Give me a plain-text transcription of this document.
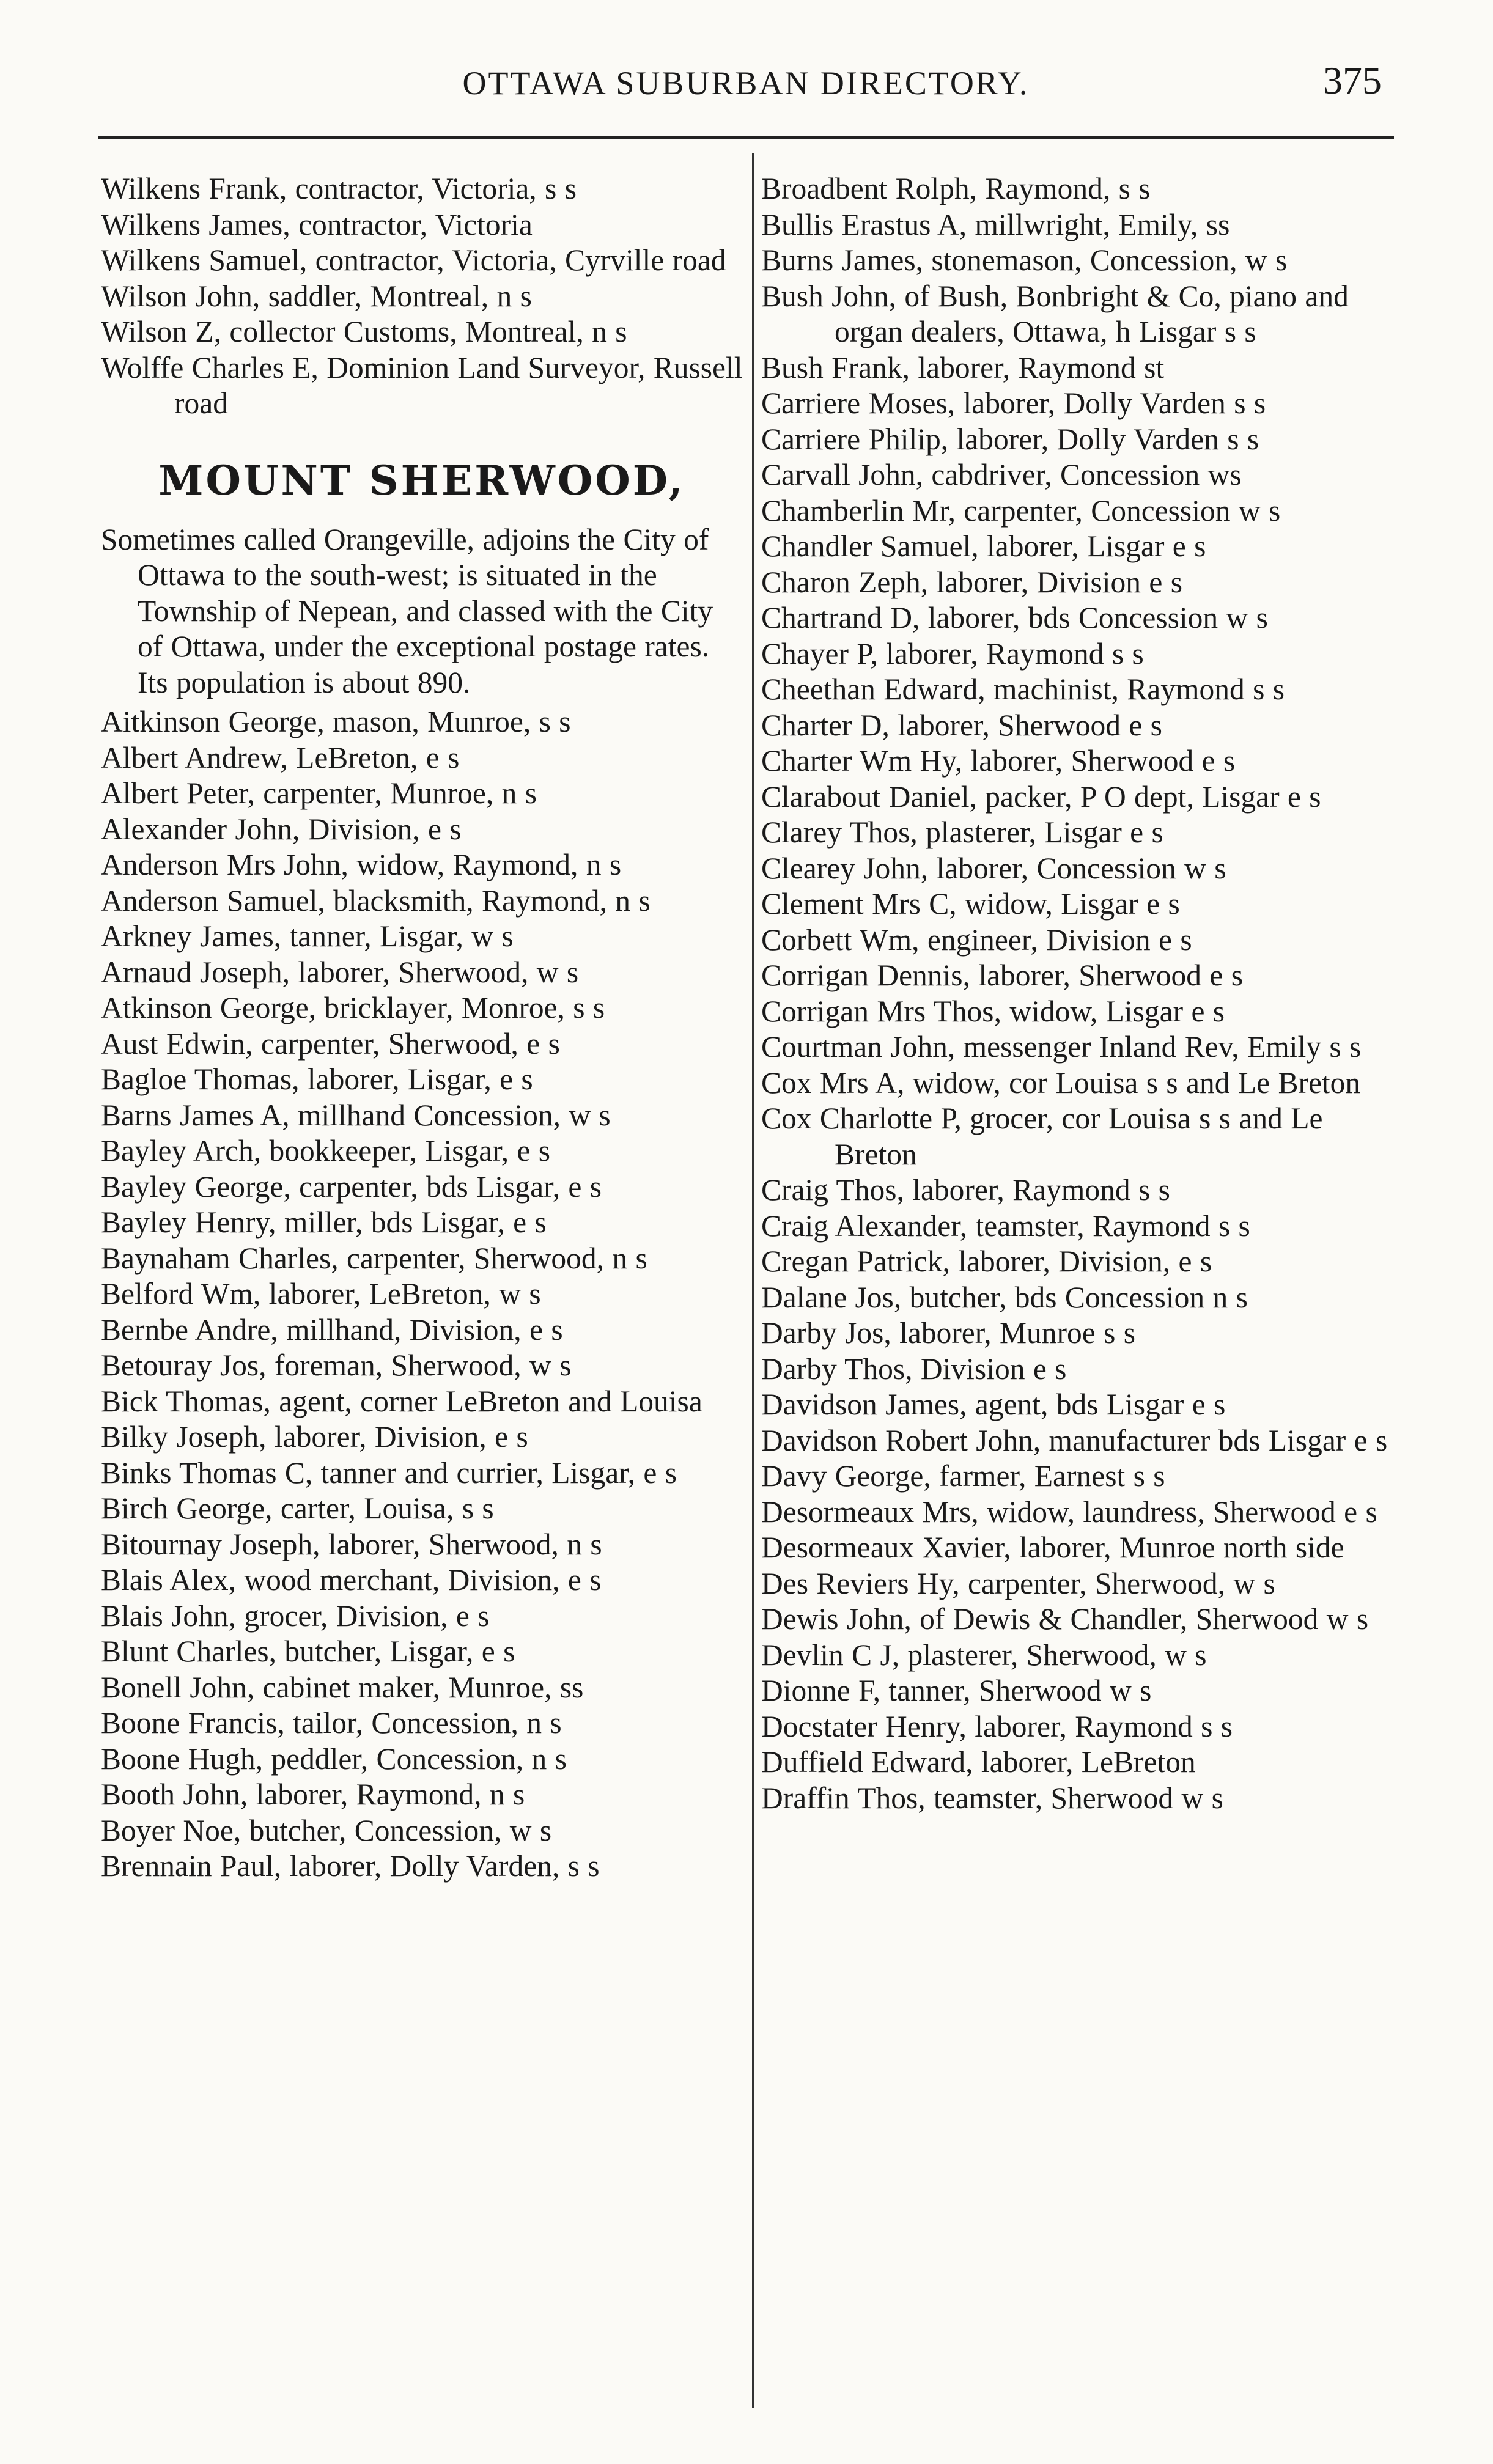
OTTAWA SUBURBAN DIRECTORY.	375
Wilkens Frank, contractor, Victoria, s s
Wilkens James, contractor, Victoria
Wilkens Samuel, contractor, Victoria, Cyrville road
Wilson John, saddler, Montreal, n s
Wilson Z, collector Customs, Montreal, n s
Wolffe Charles E, Dominion Land Surveyor, Russell road
MOUNT SHERWOOD,
Sometimes called Orangeville, adjoins the City of Ottawa to the south-west; is situated in the Township of Nepean, and classed with the City of Ottawa, under the exceptional postage rates. Its population is about 890.
Aitkinson George, mason, Munroe, s s
Albert Andrew, LeBreton, e s
Albert Peter, carpenter, Munroe, n s
Alexander John, Division, e s
Anderson Mrs John, widow, Raymond, n s
Anderson Samuel, blacksmith, Raymond, n s
Arkney James, tanner, Lisgar, w s
Arnaud Joseph, laborer, Sherwood, w s
Atkinson George, bricklayer, Monroe, s s
Aust Edwin, carpenter, Sherwood, e s
Bagloe Thomas, laborer, Lisgar, e s
Barns James A, millhand Concession, w s
Bayley Arch, bookkeeper, Lisgar, e s
Bayley George, carpenter, bds Lisgar, e s
Bayley Henry, miller, bds Lisgar, e s
Baynaham Charles, carpenter, Sherwood, n s
Belford Wm, laborer, LeBreton, w s
Bernbe Andre, millhand, Division, e s
Betouray Jos, foreman, Sherwood, w s
Bick Thomas, agent, corner LeBreton and Louisa
Bilky Joseph, laborer, Division, e s
Binks Thomas C, tanner and currier, Lisgar, e s
Birch George, carter, Louisa, s s
Bitournay Joseph, laborer, Sherwood, n s
Blais Alex, wood merchant, Division, e s
Blais John, grocer, Division, e s
Blunt Charles, butcher, Lisgar, e s
Bonell John, cabinet maker, Munroe, ss
Boone Francis, tailor, Concession, n s
Boone Hugh, peddler, Concession, n s
Booth John, laborer, Raymond, n s
Boyer Noe, butcher, Concession, w s
Brennain Paul, laborer, Dolly Varden, s s
Broadbent Rolph, Raymond, s s
Bullis Erastus A, millwright, Emily, ss
Burns James, stonemason, Concession, w s
Bush John, of Bush, Bonbright & Co, piano and organ dealers, Ottawa, h Lisgar s s
Bush Frank, laborer, Raymond st
Carriere Moses, laborer, Dolly Varden s s
Carriere Philip, laborer, Dolly Varden s s
Carvall John, cabdriver, Concession ws
Chamberlin Mr, carpenter, Concession w s
Chandler Samuel, laborer, Lisgar e s
Charon Zeph, laborer, Division e s
Chartrand D, laborer, bds Concession w s
Chayer P, laborer, Raymond s s
Cheethan Edward, machinist, Raymond s s
Charter D, laborer, Sherwood e s
Charter Wm Hy, laborer, Sherwood e s
Clarabout Daniel, packer, P O dept, Lisgar e s
Clarey Thos, plasterer, Lisgar e s
Clearey John, laborer, Concession w s
Clement Mrs C, widow, Lisgar e s
Corbett Wm, engineer, Division e s
Corrigan Dennis, laborer, Sherwood e s
Corrigan Mrs Thos, widow, Lisgar e s
Courtman John, messenger Inland Rev, Emily s s
Cox Mrs A, widow, cor Louisa s s and Le Breton
Cox Charlotte P, grocer, cor Louisa s s and Le Breton
Craig Thos, laborer, Raymond s s
Craig Alexander, teamster, Raymond s s
Cregan Patrick, laborer, Division, e s
Dalane Jos, butcher, bds Concession n s
Darby Jos, laborer, Munroe s s
Darby Thos, Division e s
Davidson James, agent, bds Lisgar e s
Davidson Robert John, manufacturer bds Lisgar e s
Davy George, farmer, Earnest s s
Desormeaux Mrs, widow, laundress, Sherwood e s
Desormeaux Xavier, laborer, Munroe north side
Des Reviers Hy, carpenter, Sherwood, w s
Dewis John, of Dewis & Chandler, Sherwood w s
Devlin C J, plasterer, Sherwood, w s
Dionne F, tanner, Sherwood w s
Docstater Henry, laborer, Raymond s s
Duffield Edward, laborer, LeBreton
Draffin Thos, teamster, Sherwood w s
